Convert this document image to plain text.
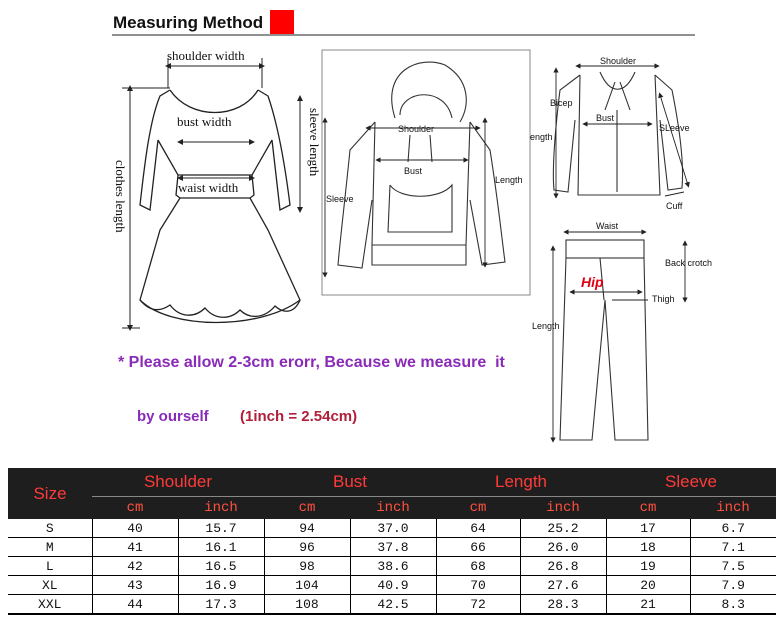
Measuring Method
shoulder width
bust width
waist width
sleeve length
clothes length
Shoulder
Bust
Length
Sleeve
Shoulder
Bicep
Bust
SLeeve
ength
Cuff
Waist
Back crotch
Hip
Thigh
Length
* Please allow 2-3cm erorr, Because we measure  it
by ourself (1inch = 2.54cm)
Size	Shoulder		Bust		Length		Sleeve	
	cm	inch	cm	inch	cm	inch	cm	inch
S	40	15.7	94	37.0	64	25.2	17	6.7
M	41	16.1	96	37.8	66	26.0	18	7.1
L	42	16.5	98	38.6	68	26.8	19	7.5
XL	43	16.9	104	40.9	70	27.6	20	7.9
XXL	44	17.3	108	42.5	72	28.3	21	8.3
